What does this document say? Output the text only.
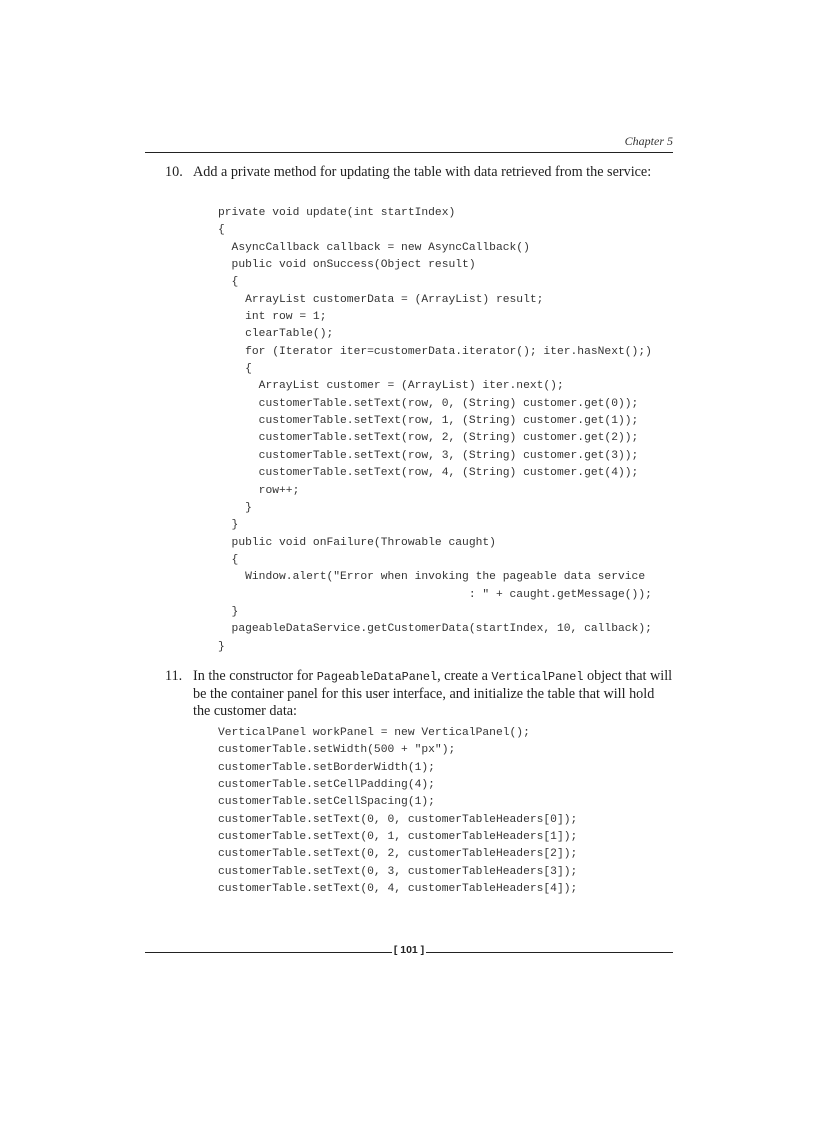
Chapter 5
10. Add a private method for updating the table with data retrieved from the service:
private void update(int startIndex)
{
AsyncCallback callback = new AsyncCallback()
public void onSuccess(Object result)
{
ArrayList customerData = (ArrayList) result;
int row = 1;
clearTable();
for (Iterator iter=customerData.iterator(); iter.hasNext();)
{
ArrayList customer = (ArrayList) iter.next();
customerTable.setText(row, 0, (String) customer.get(0));
customerTable.setText(row, 1, (String) customer.get(1));
customerTable.setText(row, 2, (String) customer.get(2));
customerTable.setText(row, 3, (String) customer.get(3));
customerTable.setText(row, 4, (String) customer.get(4));
row++;
}
}
public void onFailure(Throwable caught)
{
Window.alert("Error when invoking the pageable data service
: " + caught.getMessage());
}
pageableDataService.getCustomerData(startIndex, 10, callback);
}
11. In the constructor for PageableDataPanel, create a VerticalPanel object that will be the container panel for this user interface, and initialize the table that will hold the customer data:
VerticalPanel workPanel = new VerticalPanel();
customerTable.setWidth(500 + "px");
customerTable.setBorderWidth(1);
customerTable.setCellPadding(4);
customerTable.setCellSpacing(1);
customerTable.setText(0, 0, customerTableHeaders[0]);
customerTable.setText(0, 1, customerTableHeaders[1]);
customerTable.setText(0, 2, customerTableHeaders[2]);
customerTable.setText(0, 3, customerTableHeaders[3]);
customerTable.setText(0, 4, customerTableHeaders[4]);
[ 101 ]
